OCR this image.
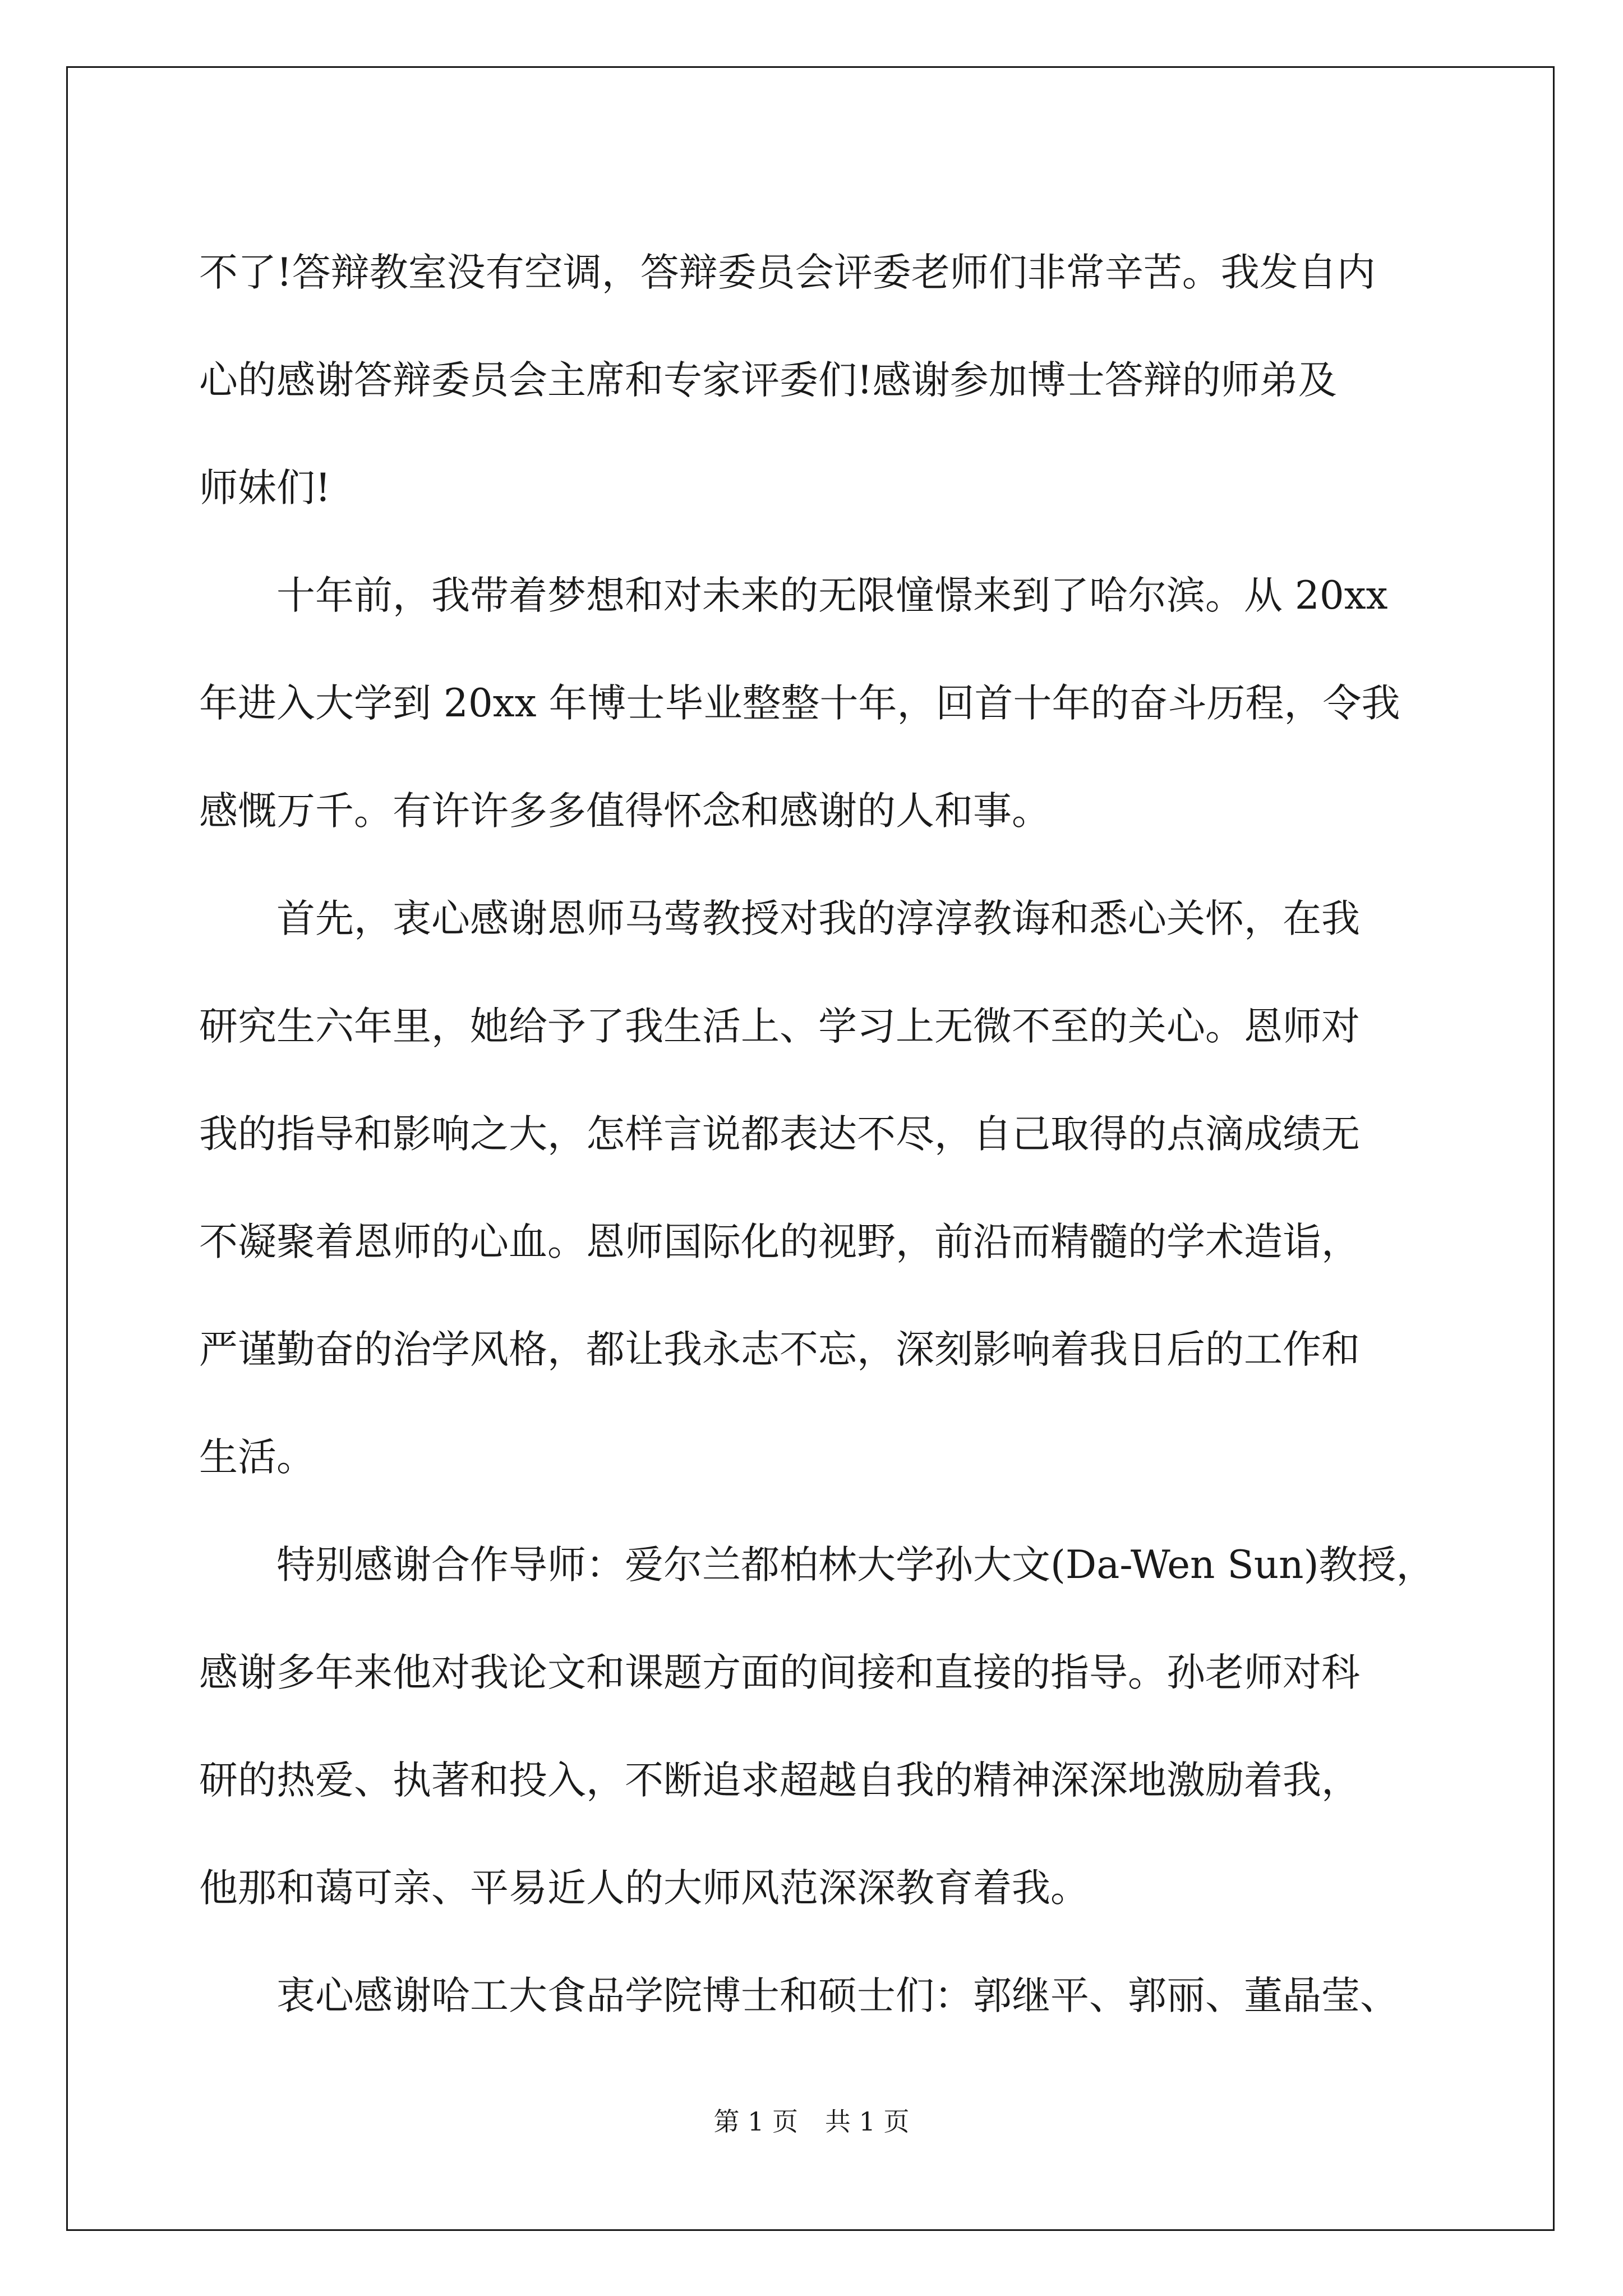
不了!答辩教室没有空调，答辩委员会评委老师们非常辛苦。我发自内
心的感谢答辩委员会主席和专家评委们!感谢参加博士答辩的师弟及
师妹们!
十年前，我带着梦想和对未来的无限憧憬来到了哈尔滨。从 20xx
年进入大学到 20xx 年博士毕业整整十年，回首十年的奋斗历程，令我
感慨万千。有许许多多值得怀念和感谢的人和事。
首先，衷心感谢恩师马莺教授对我的淳淳教诲和悉心关怀，在我
研究生六年里，她给予了我生活上、学习上无微不至的关心。恩师对
我的指导和影响之大，怎样言说都表达不尽，自己取得的点滴成绩无
不凝聚着恩师的心血。恩师国际化的视野，前沿而精髓的学术造诣，
严谨勤奋的治学风格，都让我永志不忘，深刻影响着我日后的工作和
生活。
特别感谢合作导师：爱尔兰都柏林大学孙大文(Da-Wen Sun)教授，
感谢多年来他对我论文和课题方面的间接和直接的指导。孙老师对科
研的热爱、执著和投入，不断追求超越自我的精神深深地激励着我，
他那和蔼可亲、平易近人的大师风范深深教育着我。
衷心感谢哈工大食品学院博士和硕士们：郭继平、郭丽、董晶莹、
第 1 页 共 1 页
